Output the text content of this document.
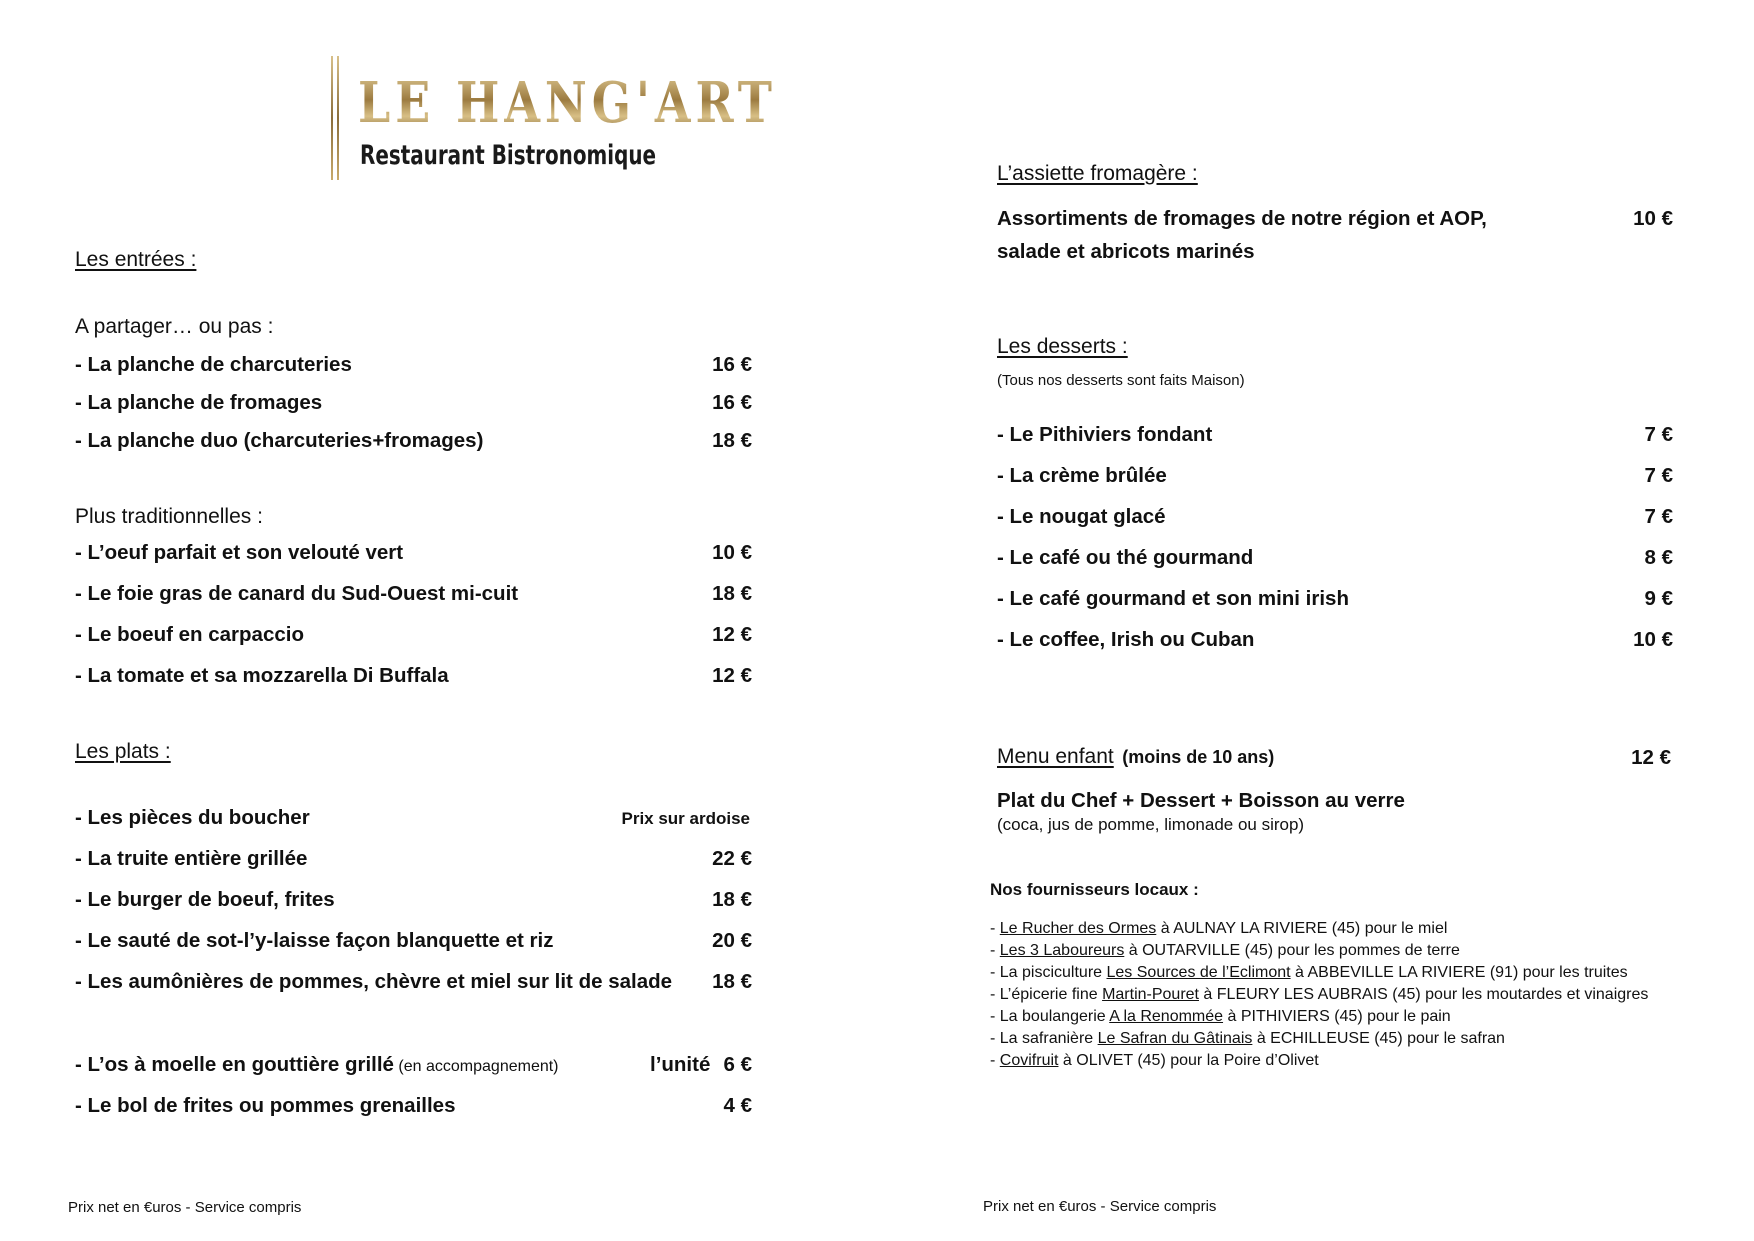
LE HANG'ART
Restaurant Bistronomique
Les entrées :
A partager… ou pas :
- La planche de charcuteries	16 €
- La planche de fromages	16 €
- La planche duo (charcuteries+fromages)	18 €
Plus traditionnelles :
- L’oeuf parfait et son velouté vert	10 €
- Le foie gras de canard du Sud-Ouest mi-cuit	18 €
- Le boeuf en carpaccio	12 €
- La tomate et sa mozzarella Di Buffala	12 €
Les plats :
- Les pièces du boucher	Prix sur ardoise
- La truite entière grillée	22 €
- Le burger de boeuf, frites	18 €
- Le sauté de sot-l’y-laisse façon blanquette et riz	20 €
- Les aumônières de pommes, chèvre et miel sur lit de salade 18 €
- L’os à moelle en gouttière grillé (en accompagnement)	l’unité 6 €
- Le bol de frites ou pommes grenailles	4 €
Prix net en €uros - Service compris
L’assiette fromagère :
Assortiments de fromages de notre région et AOP,
salade et abricots marinés
10 €
Les desserts :
(Tous nos desserts sont faits Maison)
- Le Pithiviers fondant	7 €
- La crème brûlée	7 €
- Le nougat glacé	7 €
- Le café ou thé gourmand	8 €
- Le café gourmand et son mini irish	9 €
- Le coffee, Irish ou Cuban	10 €
Menu enfant (moins de 10 ans)	12 €
Plat du Chef + Dessert + Boisson au verre
(coca, jus de pomme, limonade ou sirop)
Nos fournisseurs locaux :
- Le Rucher des Ormes à AULNAY LA RIVIERE (45) pour le miel
- Les 3 Laboureurs à OUTARVILLE (45) pour les pommes de terre
- La pisciculture Les Sources de l’Eclimont à ABBEVILLE LA RIVIERE (91) pour les truites
- L’épicerie fine Martin-Pouret à FLEURY LES AUBRAIS (45) pour les moutardes et vinaigres
- La boulangerie A la Renommée à PITHIVIERS (45) pour le pain
- La safranière Le Safran du Gâtinais à ECHILLEUSE (45) pour le safran
- Covifruit à OLIVET (45) pour la Poire d’Olivet
Prix net en €uros - Service compris
